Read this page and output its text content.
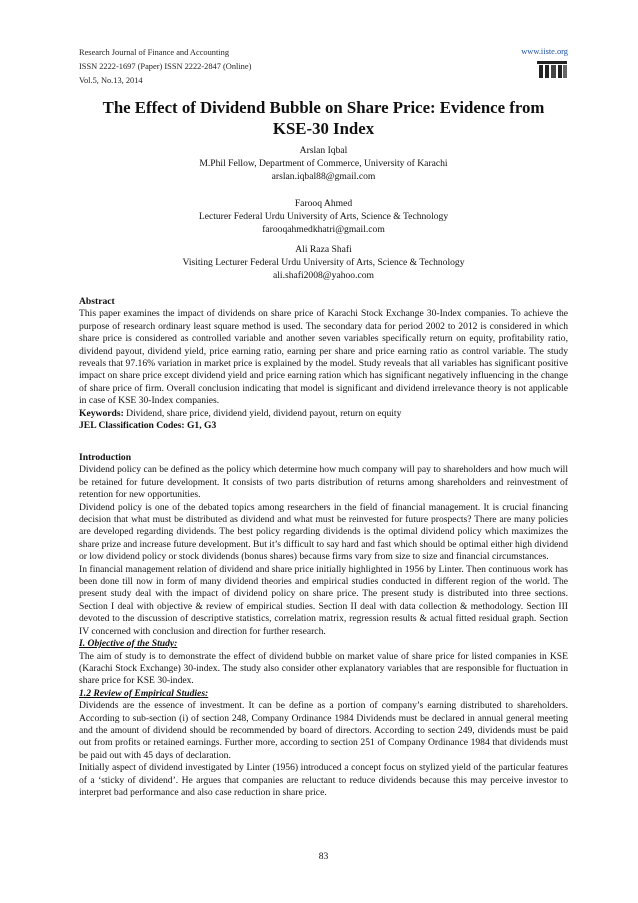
Research Journal of Finance and Accounting
ISSN 2222-1697 (Paper) ISSN 2222-2847 (Online)
Vol.5, No.13, 2014
www.iiste.org
The Effect of Dividend Bubble on Share Price: Evidence from
KSE-30 Index
Arslan Iqbal
M.Phil Fellow, Department of Commerce, University of Karachi
arslan.iqbal88@gmail.com
Farooq Ahmed
Lecturer Federal Urdu University of Arts, Science & Technology
farooqahmedkhatri@gmail.com
Ali Raza Shafi
Visiting Lecturer Federal Urdu University of Arts, Science & Technology
ali.shafi2008@yahoo.com

Abstract

This paper examines the impact of dividends on share price of Karachi Stock Exchange 30-Index companies. To achieve the purpose of research ordinary least square method is used. The secondary data for period 2002 to 2012 is considered in which share price is considered as controlled variable and another seven variables specifically return on equity, profitability ratio, dividend payout, dividend yield, price earning ratio, earning per share and price earning ratio as control variable. The study reveals that 97.16% variation in market price is explained by the model. Study reveals that all variables has significant positive impact on share price except dividend yield and price earning ration which has significant negatively influencing in the change of share price of firm. Overall conclusion indicating that model is significant and dividend irrelevance theory is not applicable in case of KSE 30-Index companies.

Keywords: Dividend, share price, dividend yield, dividend payout, return on equity

JEL Classification Codes: G1, G3

Introduction

Dividend policy can be defined as the policy which determine how much company will pay to shareholders and how much will be retained for future development. It consists of two parts distribution of returns among shareholders and reinvestment of retention for new opportunities.

Dividend policy is one of the debated topics among researchers in the field of financial management. It is crucial financing decision that what must be distributed as dividend and what must be reinvested for future prospects? There are many policies are developed regarding dividends. The best policy regarding dividends is the optimal dividend policy which maximizes the share prize and increase future development. But it’s difficult to say hard and fast which should be optimal either high dividend or low dividend policy or stock dividends (bonus shares) because firms vary from size to size and financial circumstances.

In financial management relation of dividend and share price initially highlighted in 1956 by Linter. Then continuous work has been done till now in form of many dividend theories and empirical studies conducted in different region of the world. The present study deal with the impact of dividend policy on share price. The present study is distributed into three sections. Section I deal with objective & review of empirical studies. Section II deal with data collection & methodology. Section III devoted to the discussion of descriptive statistics, correlation matrix, regression results & actual fitted residual graph. Section IV concerned with conclusion and direction for further research.

I. Objective of the Study:

The aim of study is to demonstrate the effect of dividend bubble on market value of share price for listed companies in KSE (Karachi Stock Exchange) 30-index. The study also consider other explanatory variables that are responsible for fluctuation in share price for KSE 30-index.

1.2 Review of Empirical Studies:

Dividends are the essence of investment. It can be define as a portion of company’s earning distributed to shareholders. According to sub-section (i) of section 248, Company Ordinance 1984 Dividends must be declared in annual general meeting and the amount of dividend should be recommended by board of directors. According to section 249, dividends must be paid out from profits or retained earnings. Further more, according to section 251 of Company Ordinance 1984 that dividends must be paid out with 45 days of declaration.

Initially aspect of dividend investigated by Linter (1956) introduced a concept focus on stylized yield of the particular features of a ‘sticky of dividend’. He argues that companies are reluctant to reduce dividends because this may perceive investor to interpret bad performance and also case reduction in share price.

83
